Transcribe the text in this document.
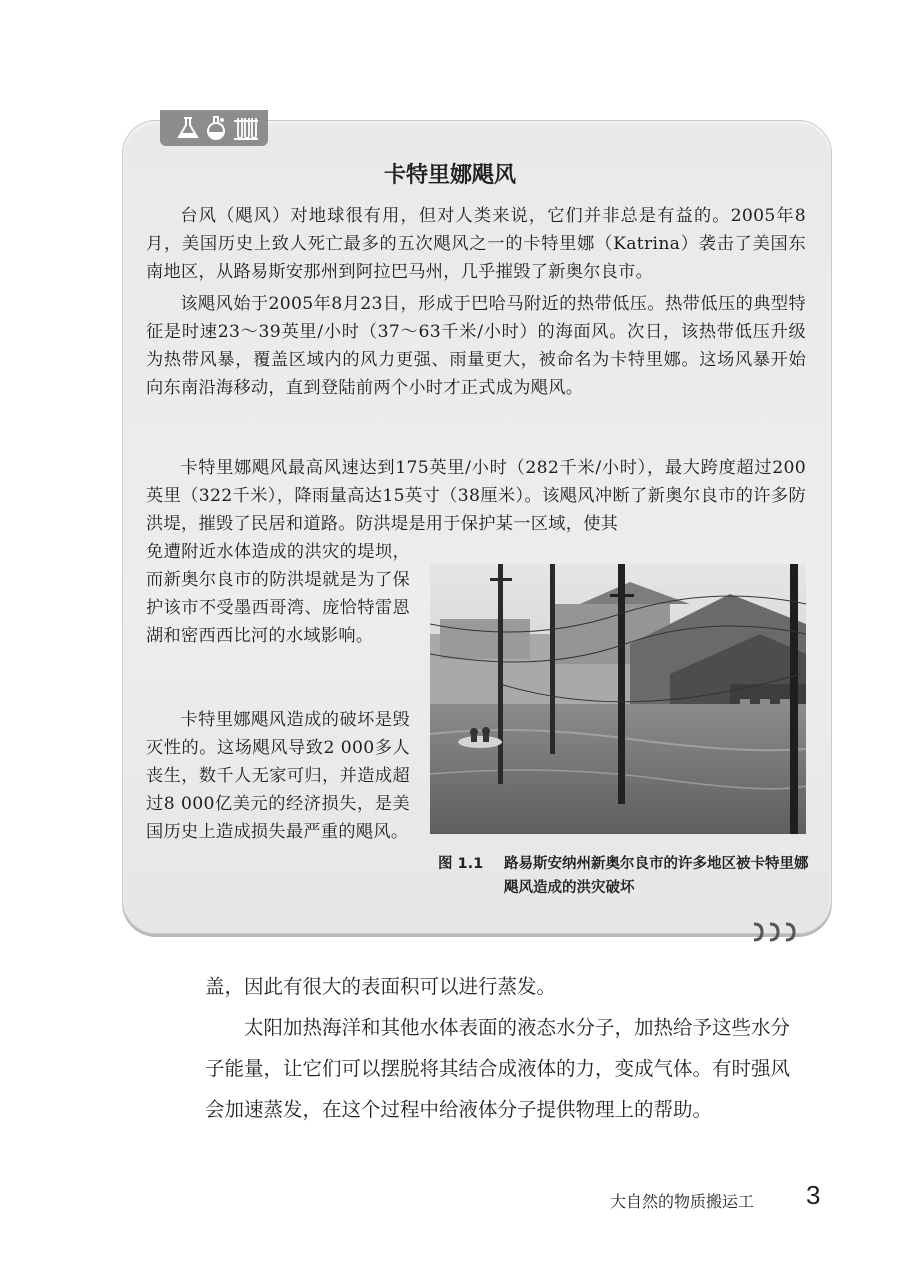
卡特里娜飓风

台风（飓风）对地球很有用，但对人类来说，它们并非总是有益的。2005年8月，美国历史上致人死亡最多的五次飓风之一的卡特里娜（Katrina）袭击了美国东南地区，从路易斯安那州到阿拉巴马州，几乎摧毁了新奥尔良市。

该飓风始于2005年8月23日，形成于巴哈马附近的热带低压。热带低压的典型特征是时速23～39英里/小时（37～63千米/小时）的海面风。次日，该热带低压升级为热带风暴，覆盖区域内的风力更强、雨量更大，被命名为卡特里娜。这场风暴开始向东南沿海移动，直到登陆前两个小时才正式成为飓风。

卡特里娜飓风最高风速达到175英里/小时（282千米/小时），最大跨度超过200英里（322千米），降雨量高达15英寸（38厘米）。该飓风冲断了新奥尔良市的许多防洪堤，摧毁了民居和道路。防洪堤是用于保护某一区域，使其

免遭附近水体造成的洪灾的堤坝，而新奥尔良市的防洪堤就是为了保护该市不受墨西哥湾、庞恰特雷恩湖和密西西比河的水域影响。

卡特里娜飓风造成的破坏是毁灭性的。这场飓风导致2 000多人丧生，数千人无家可归，并造成超过8 000亿美元的经济损失，是美国历史上造成损失最严重的飓风。

图 1.1 路易斯安纳州新奥尔良市的许多地区被卡特里娜飓风造成的洪灾破坏

盖，因此有很大的表面积可以进行蒸发。

太阳加热海洋和其他水体表面的液态水分子，加热给予这些水分子能量，让它们可以摆脱将其结合成液体的力，变成气体。有时强风会加速蒸发，在这个过程中给液体分子提供物理上的帮助。

大自然的物质搬运工 3
